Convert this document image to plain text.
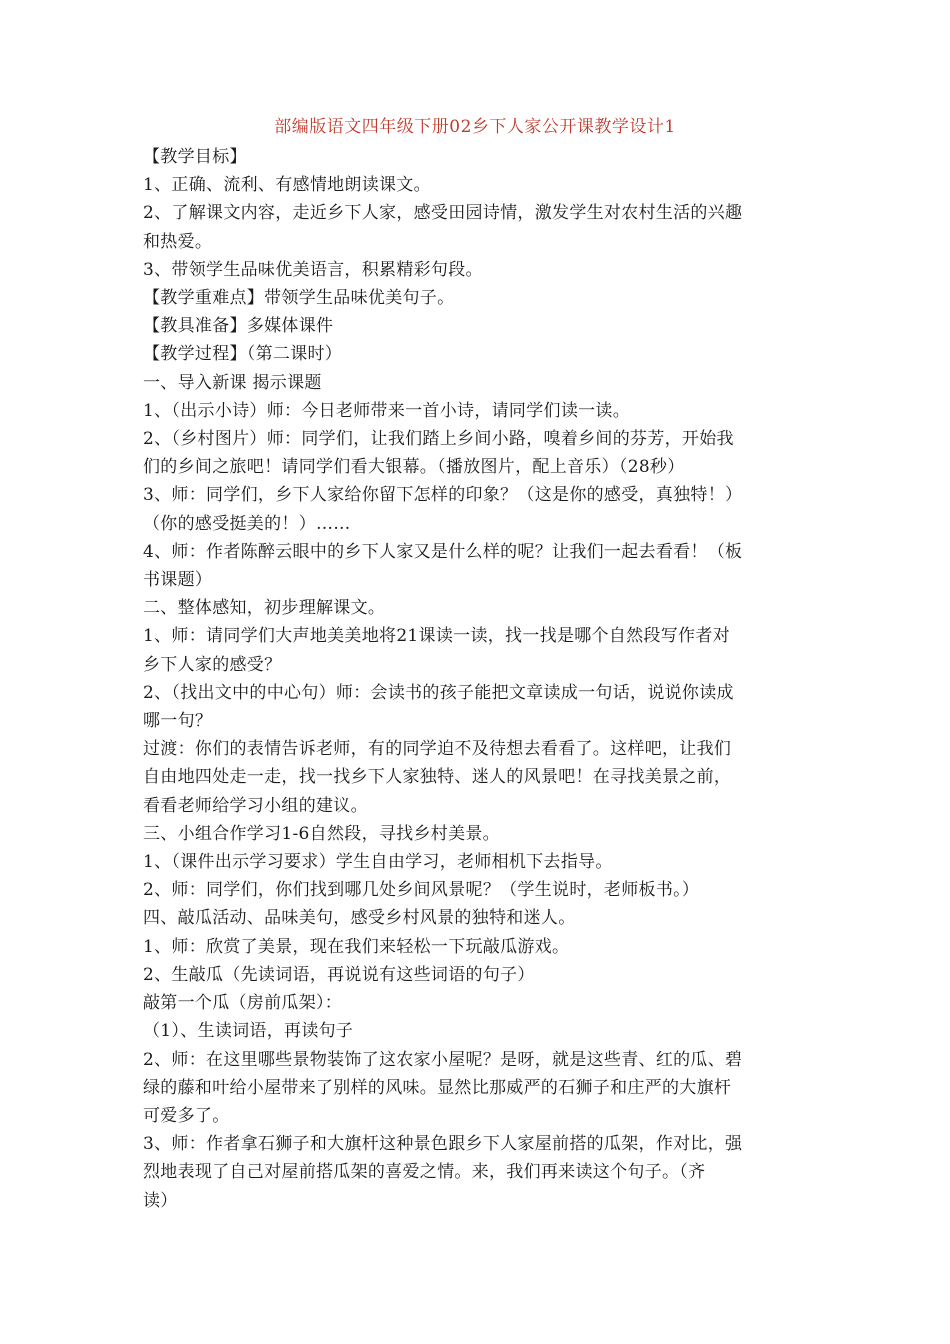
部编版语文四年级下册02乡下人家公开课教学设计1
【教学目标】
1、正确、流利、有感情地朗读课文。
2、了解课文内容，走近乡下人家，感受田园诗情，激发学生对农村生活的兴趣
和热爱。
3、带领学生品味优美语言，积累精彩句段。
【教学重难点】带领学生品味优美句子。
【教具准备】多媒体课件
【教学过程】（第二课时）
一、导入新课 揭示课题
1、（出示小诗）师：今日老师带来一首小诗，请同学们读一读。
2、（乡村图片）师：同学们，让我们踏上乡间小路，嗅着乡间的芬芳，开始我
们的乡间之旅吧！请同学们看大银幕。（播放图片，配上音乐）（28秒）
3、师：同学们，乡下人家给你留下怎样的印象？（这是你的感受，真独特！）
（你的感受挺美的！）……
4、师：作者陈醉云眼中的乡下人家又是什么样的呢？让我们一起去看看！（板
书课题）
二、整体感知，初步理解课文。
1、师：请同学们大声地美美地将21课读一读，找一找是哪个自然段写作者对
乡下人家的感受？
2、（找出文中的中心句）师：会读书的孩子能把文章读成一句话，说说你读成
哪一句？
过渡：你们的表情告诉老师，有的同学迫不及待想去看看了。这样吧，让我们
自由地四处走一走，找一找乡下人家独特、迷人的风景吧！在寻找美景之前，
看看老师给学习小组的建议。
三、小组合作学习1-6自然段，寻找乡村美景。
1、（课件出示学习要求）学生自由学习，老师相机下去指导。
2、师：同学们，你们找到哪几处乡间风景呢？（学生说时，老师板书。）
四、敲瓜活动、品味美句，感受乡村风景的独特和迷人。
1、师：欣赏了美景，现在我们来轻松一下玩敲瓜游戏。
2、生敲瓜（先读词语，再说说有这些词语的句子）
敲第一个瓜（房前瓜架）：
（1）、生读词语，再读句子
2、师：在这里哪些景物装饰了这农家小屋呢？是呀，就是这些青、红的瓜、碧
绿的藤和叶给小屋带来了别样的风味。显然比那威严的石狮子和庄严的大旗杆
可爱多了。
3、师：作者拿石狮子和大旗杆这种景色跟乡下人家屋前搭的瓜架，作对比，强
烈地表现了自己对屋前搭瓜架的喜爱之情。来，我们再来读这个句子。（齐
读）
